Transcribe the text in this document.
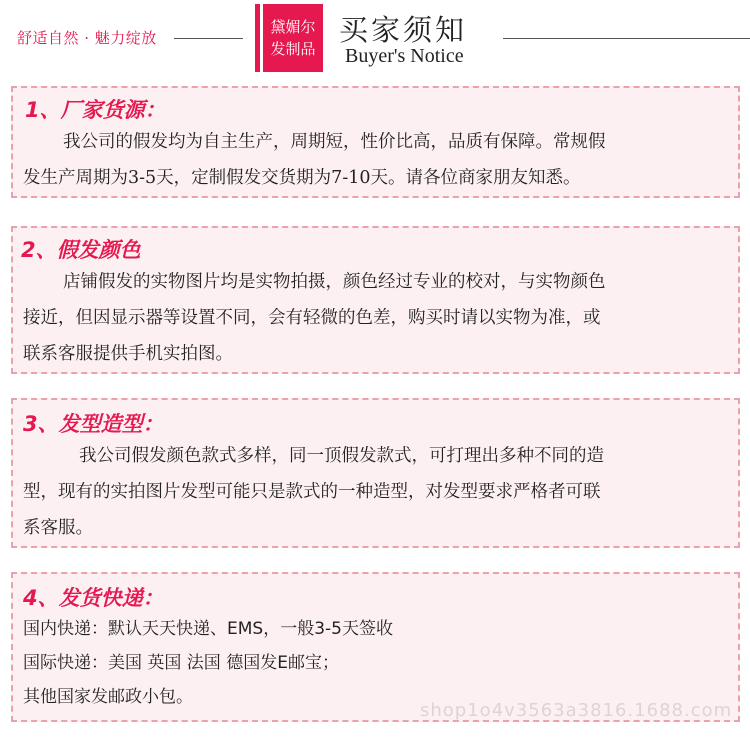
舒适自然 · 魅力绽放
黛媚尔
发制品
买家须知
Buyer's Notice
1、厂家货源：
我公司的假发均为自主生产，周期短，性价比高，品质有保障。常规假
发生产周期为3-5天，定制假发交货期为7-10天。请各位商家朋友知悉。
2、假发颜色
店铺假发的实物图片均是实物拍摄，颜色经过专业的校对，与实物颜色
接近，但因显示器等设置不同，会有轻微的色差，购买时请以实物为准，或
联系客服提供手机实拍图。
3、发型造型：
我公司假发颜色款式多样，同一顶假发款式，可打理出多种不同的造
型，现有的实拍图片发型可能只是款式的一种造型，对发型要求严格者可联
系客服。
4、发货快递：
国内快递：默认天天快递、EMS，一般3-5天签收
国际快递：美国 英国 法国 德国发E邮宝；
其他国家发邮政小包。
shop1o4v3563a3816.1688.com
